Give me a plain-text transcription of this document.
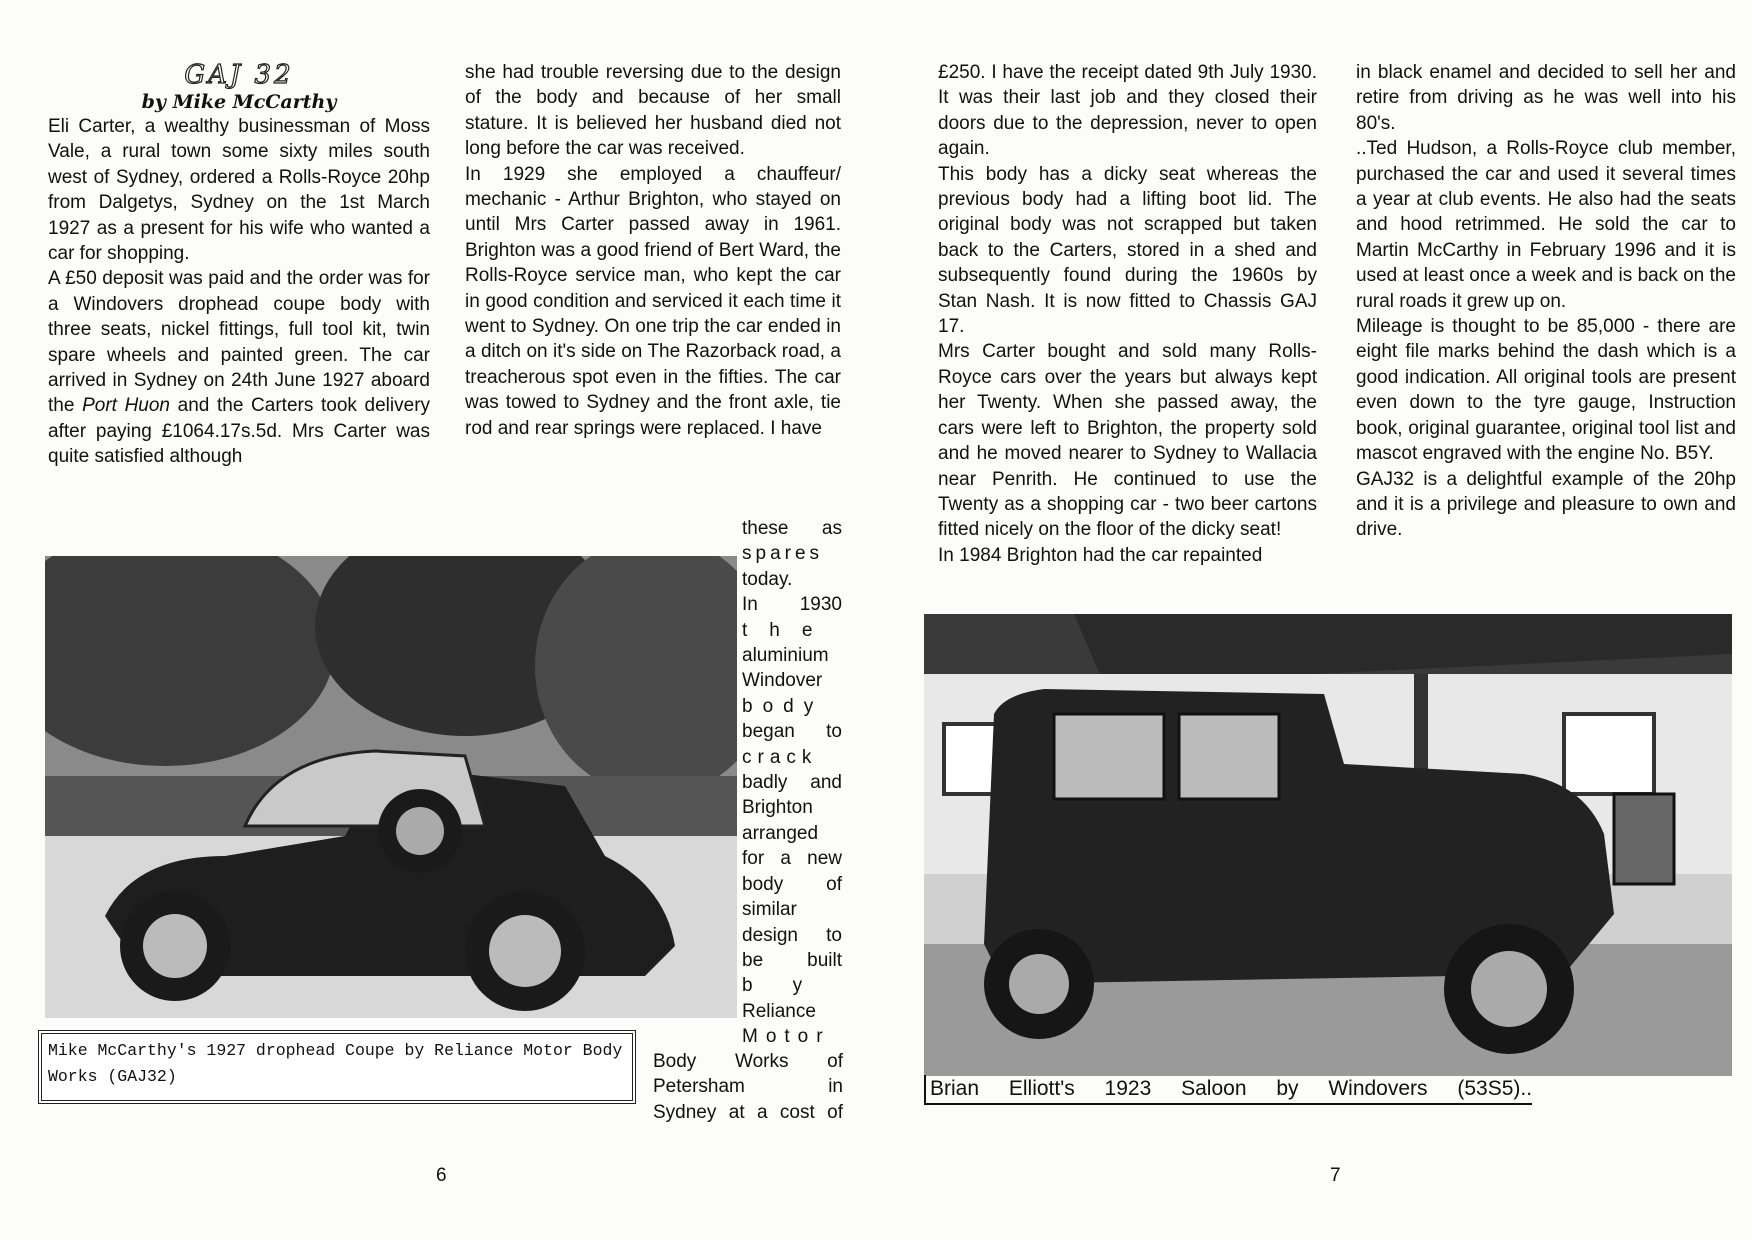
GAJ 32

by Mike McCarthy

Eli Carter, a wealthy businessman of Moss Vale, a rural town some sixty miles south west of Sydney, ordered a Rolls-Royce 20hp from Dalgetys, Sydney on the 1st March 1927 as a present for his wife who wanted a car for shopping.

A £50 deposit was paid and the order was for a Windovers drophead coupe body with three seats, nickel fittings, full tool kit, twin spare wheels and painted green. The car arrived in Sydney on 24th June 1927 aboard the Port Huon and the Carters took delivery after paying £1064.17s.5d. Mrs Carter was quite satisfied although

she had trouble reversing due to the design of the body and because of her small stature. It is believed her husband died not long before the car was received.

In 1929 she employed a chauffeur/ mechanic - Arthur Brighton, who stayed on until Mrs Carter passed away in 1961. Brighton was a good friend of Bert Ward, the Rolls-Royce service man, who kept the car in good condition and serviced it each time it went to Sydney. On one trip the car ended in a ditch on it's side on The Razorback road, a treacherous spot even in the fifties. The car was towed to Sydney and the front axle, tie rod and rear springs were replaced. I have

these as
spares
today.
In 1930
the
aluminium
Windover
body
began to
crack
badly and
Brighton
arranged
for a new
body of
similar
design to
be built
by
Reliance
Motor
Body Works of
Petersham in
Sydney at a cost of
Mike McCarthy's 1927 drophead Coupe by Reliance Motor Body Works (GAJ32)
6

£250. I have the receipt dated 9th July 1930. It was their last job and they closed their doors due to the depression, never to open again.

This body has a dicky seat whereas the previous body had a lifting boot lid. The original body was not scrapped but taken back to the Carters, stored in a shed and subsequently found during the 1960s by Stan Nash. It is now fitted to Chassis GAJ 17.

Mrs Carter bought and sold many Rolls-Royce cars over the years but always kept her Twenty. When she passed away, the cars were left to Brighton, the property sold and he moved nearer to Sydney to Wallacia near Penrith. He continued to use the Twenty as a shopping car - two beer cartons fitted nicely on the floor of the dicky seat!

In 1984 Brighton had the car repainted

in black enamel and decided to sell her and retire from driving as he was well into his 80's.

..Ted Hudson, a Rolls-Royce club member, purchased the car and used it several times a year at club events. He also had the seats and hood retrimmed. He sold the car to Martin McCarthy in February 1996 and it is used at least once a week and is back on the rural roads it grew up on.

Mileage is thought to be 85,000 - there are eight file marks behind the dash which is a good indication. All original tools are present even down to the tyre gauge, Instruction book, original guarantee, original tool list and mascot engraved with the engine No. B5Y.

GAJ32 is a delightful example of the 20hp and it is a privilege and pleasure to own and drive.

Brian Elliott's 1923 Saloon by Windovers (53S5)..
7
